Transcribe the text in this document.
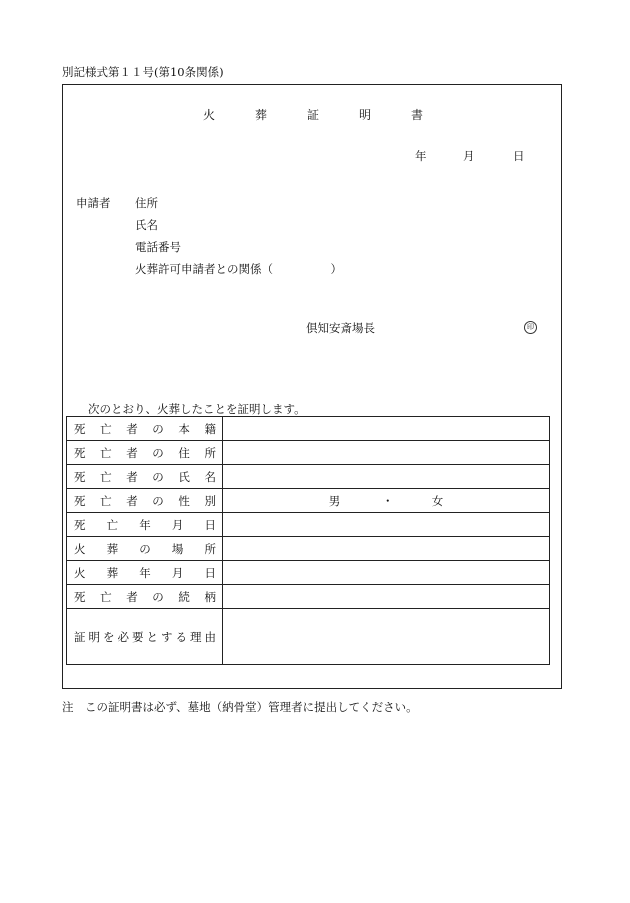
別記様式第１１号(第10条関係)
火　葬　証　明　書
年	月	日
申請者 住所
氏名
電話番号
火葬許可申請者との関係（　　　　　）
倶知安斎場長	印
次のとおり、火葬したことを証明します。
死亡者の本籍	
死亡者の住所	
死亡者の氏名	
死亡者の性別	男 ・ 女
死亡年月日	
火葬の場所	
火葬年月日	
死亡者の続柄	
証明を必要とする理由	
注　この証明書は必ず、墓地（納骨堂）管理者に提出してください。
